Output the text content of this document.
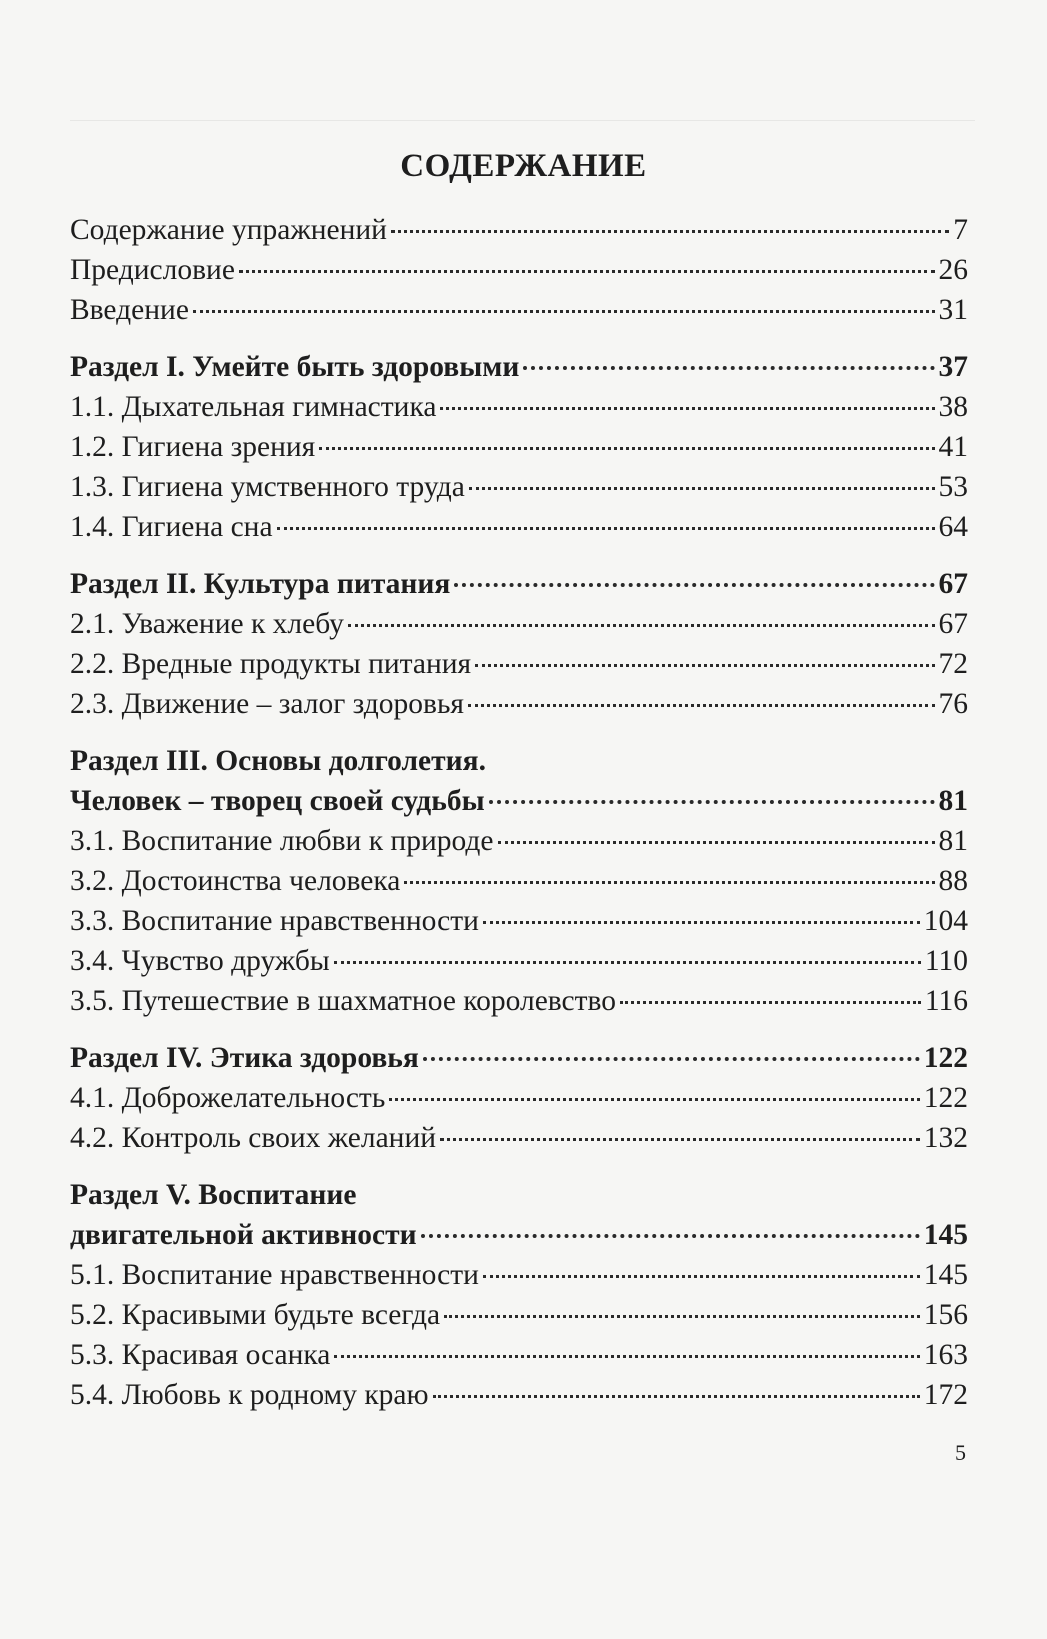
СОДЕРЖАНИЕ
Содержание упражнений	7
Предисловие	26
Введение	31
Раздел I. Умейте быть здоровыми	37
1.1. Дыхательная гимнастика	38
1.2. Гигиена зрения	41
1.3. Гигиена умственного труда	53
1.4. Гигиена сна	64
Раздел II. Культура питания	67
2.1. Уважение к хлебу	67
2.2. Вредные продукты питания	72
2.3. Движение – залог здоровья	76
Раздел III. Основы долголетия.
Человек – творец своей судьбы	81
3.1. Воспитание любви к природе	81
3.2. Достоинства человека	88
3.3. Воспитание нравственности	104
3.4. Чувство дружбы	110
3.5. Путешествие в шахматное королевство	116
Раздел IV. Этика здоровья	122
4.1. Доброжелательность	122
4.2. Контроль своих желаний	132
Раздел V. Воспитание
двигательной активности	145
5.1. Воспитание нравственности	145
5.2. Красивыми будьте всегда	156
5.3. Красивая осанка	163
5.4. Любовь к родному краю	172
5
